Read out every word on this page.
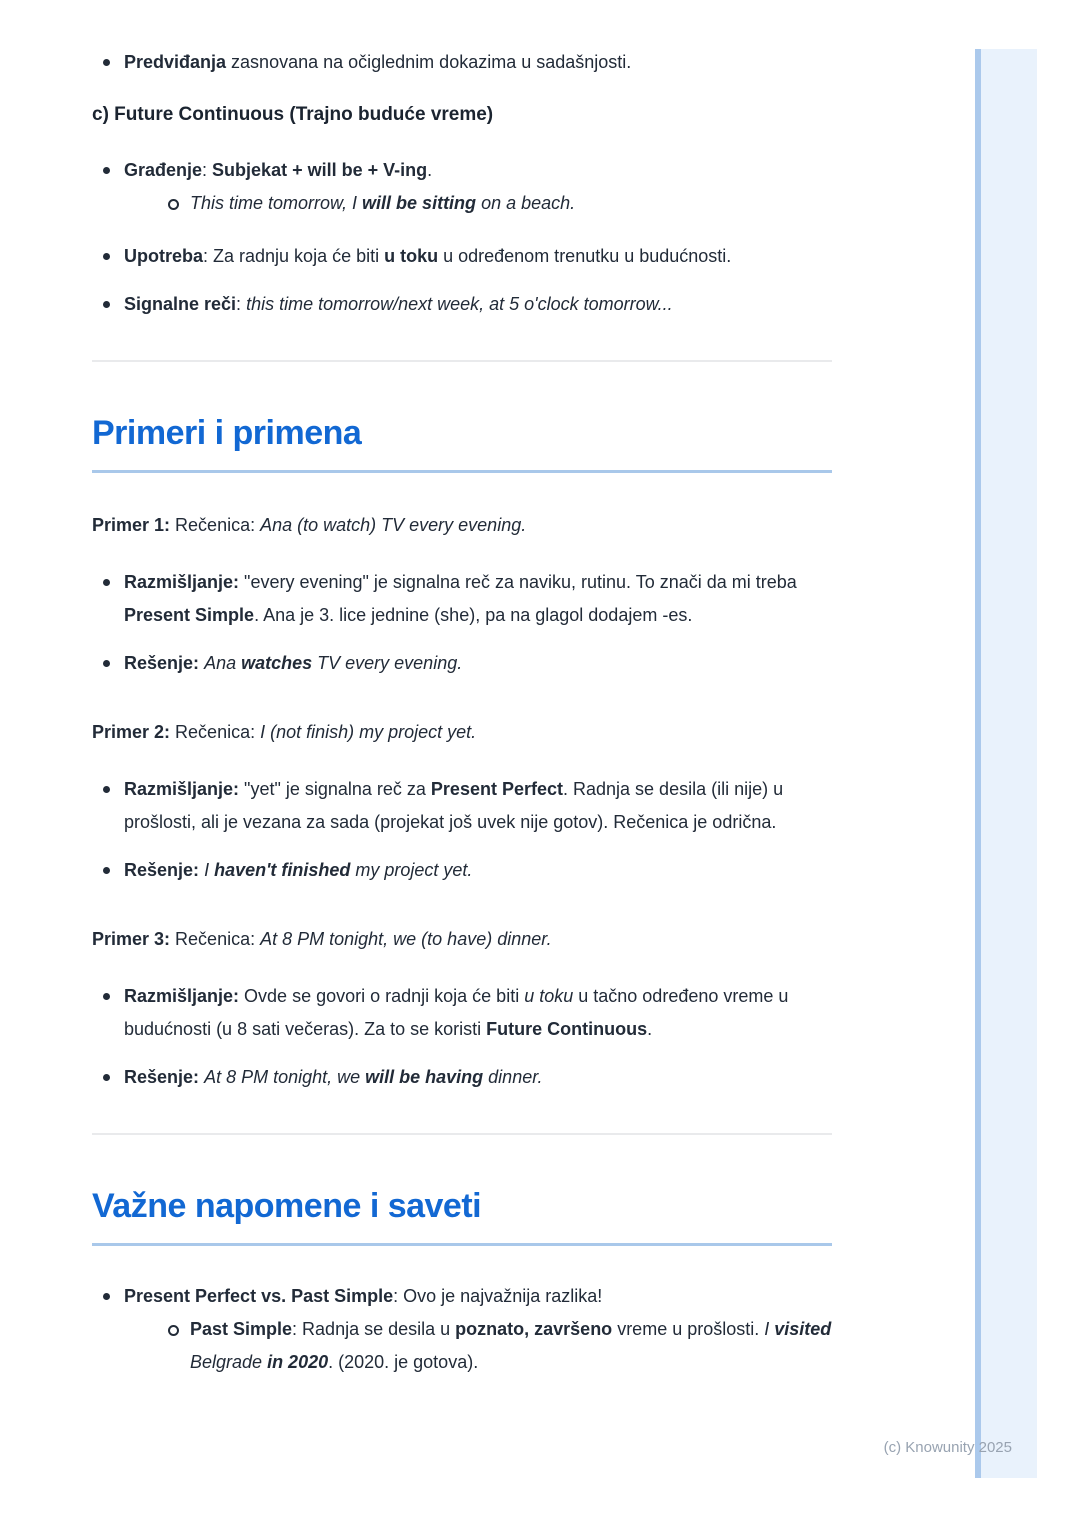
Predviđanja zasnovana na očiglednim dokazima u sadašnjosti.
c) Future Continuous (Trajno buduće vreme)
Građenje: Subjekat + will be + V-ing.
This time tomorrow, I will be sitting on a beach.
Upotreba: Za radnju koja će biti u toku u određenom trenutku u budućnosti.
Signalne reči: this time tomorrow/next week, at 5 o'clock tomorrow...
Primeri i primena

Primer 1: Rečenica: Ana (to watch) TV every evening.

Razmišljanje: "every evening" je signalna reč za naviku, rutinu. To znači da mi treba Present Simple. Ana je 3. lice jednine (she), pa na glagol dodajem -es.
Rešenje: Ana watches TV every evening.

Primer 2: Rečenica: I (not finish) my project yet.

Razmišljanje: "yet" je signalna reč za Present Perfect. Radnja se desila (ili nije) u prošlosti, ali je vezana za sada (projekat još uvek nije gotov). Rečenica je odrična.
Rešenje: I haven't finished my project yet.

Primer 3: Rečenica: At 8 PM tonight, we (to have) dinner.

Razmišljanje: Ovde se govori o radnji koja će biti u toku u tačno određeno vreme u budućnosti (u 8 sati večeras). Za to se koristi Future Continuous.
Rešenje: At 8 PM tonight, we will be having dinner.
Važne napomene i saveti
Present Perfect vs. Past Simple: Ovo je najvažnija razlika!
Past Simple: Radnja se desila u poznato, završeno vreme u prošlosti. I visited Belgrade in 2020. (2020. je gotova).
(c) Knowunity 2025
